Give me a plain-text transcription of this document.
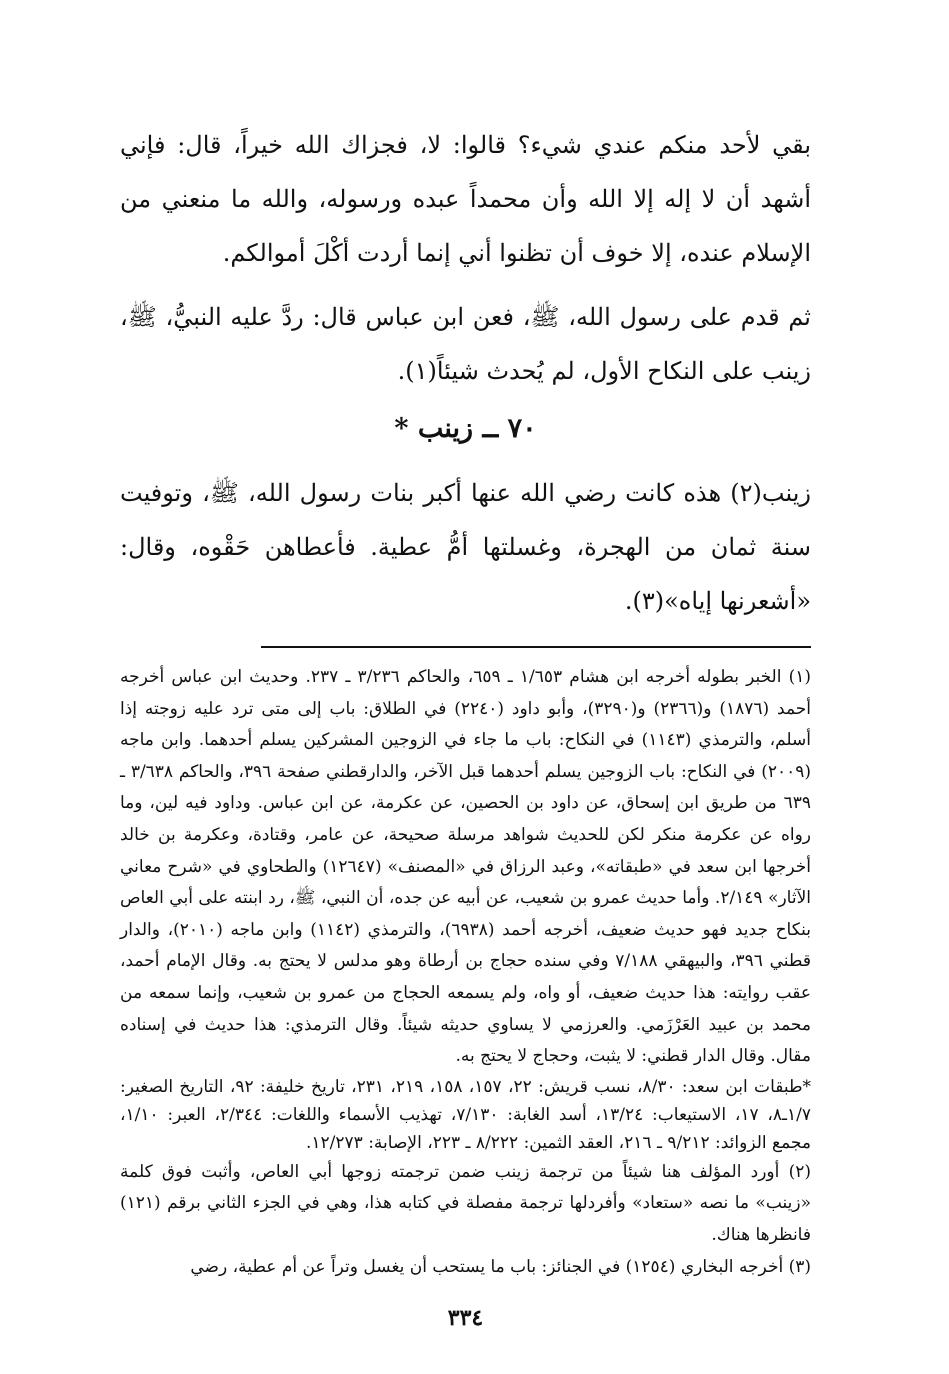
بقي لأحد منكم عندي شيء؟ قالوا: لا، فجزاك الله خيراً، قال: فإني أشهد أن لا إله إلا الله وأن محمداً عبده ورسوله، والله ما منعني من الإسلام عنده، إلا خوف أن تظنوا أني إنما أردت أكْلَ أموالكم.

ثم قدم على رسول الله، ﷺ، فعن ابن عباس قال: ردَّ عليه النبيُّ، ﷺ، زينب على النكاح الأول، لم يُحدث شيئاً(١).

٧٠ ــ زينب *

زينب(٢) هذه كانت رضي الله عنها أكبر بنات رسول الله، ﷺ، وتوفيت سنة ثمان من الهجرة، وغسلتها أمُّ عطية. فأعطاهن حَقْوه، وقال: «أشعرنها إياه»(٣).

(١) الخبر بطوله أخرجه ابن هشام ١/٦٥٣ ـ ٦٥٩، والحاكم ٣/٢٣٦ ـ ٢٣٧. وحديث ابن عباس أخرجه أحمد (١٨٧٦) و(٢٣٦٦) و(٣٢٩٠)، وأبو داود (٢٢٤٠) في الطلاق: باب إلى متى ترد عليه زوجته إذا أسلم، والترمذي (١١٤٣) في النكاح: باب ما جاء في الزوجين المشركين يسلم أحدهما. وابن ماجه (٢٠٠٩) في النكاح: باب الزوجين يسلم أحدهما قبل الآخر، والدارقطني صفحة ٣٩٦، والحاكم ٣/٦٣٨ ـ ٦٣٩ من طريق ابن إسحاق، عن داود بن الحصين، عن عكرمة، عن ابن عباس. وداود فيه لين، وما رواه عن عكرمة منكر لكن للحديث شواهد مرسلة صحيحة، عن عامر، وقتادة، وعكرمة بن خالد أخرجها ابن سعد في «طبقاته»، وعبد الرزاق في «المصنف» (١٢٦٤٧) والطحاوي في «شرح معاني الآثار» ٢/١٤٩. وأما حديث عمرو بن شعيب، عن أبيه عن جده، أن النبي، ﷺ، رد ابنته على أبي العاص بنكاح جديد فهو حديث ضعيف، أخرجه أحمد (٦٩٣٨)، والترمذي (١١٤٢) وابن ماجه (٢٠١٠)، والدار قطني ٣٩٦، والبيهقي ٧/١٨٨ وفي سنده حجاج بن أرطاة وهو مدلس لا يحتج به. وقال الإمام أحمد، عقب روايته: هذا حديث ضعيف، أو واه، ولم يسمعه الحجاج من عمرو بن شعيب، وإنما سمعه من محمد بن عبيد العَرْزَمي. والعرزمي لا يساوي حديثه شيئاً. وقال الترمذي: هذا حديث في إسناده مقال. وقال الدار قطني: لا يثبت، وحجاج لا يحتج به.

*طبقات ابن سعد: ٨/٣٠، نسب قريش: ٢٢، ١٥٧، ١٥٨، ٢١٩، ٢٣١، تاريخ خليفة: ٩٢، التاريخ الصغير: ١/٧ـ٨، ١٧، الاستيعاب: ١٣/٢٤، أسد الغابة: ٧/١٣٠، تهذيب الأسماء واللغات: ٢/٣٤٤، العبر: ١/١٠، مجمع الزوائد: ٩/٢١٢ ـ ٢١٦، العقد الثمين: ٨/٢٢٢ ـ ٢٢٣، الإصابة: ١٢/٢٧٣.

(٢) أورد المؤلف هنا شيئاً من ترجمة زينب ضمن ترجمته زوجها أبي العاص، وأثبت فوق كلمة «زينب» ما نصه «ستعاد» وأفردلها ترجمة مفصلة في كتابه هذا، وهي في الجزء الثاني برقم (١٢١) فانظرها هناك.

(٣) أخرجه البخاري (١٢٥٤) في الجنائز: باب ما يستحب أن يغسل وتراً عن أم عطية، رضي

٣٣٤
